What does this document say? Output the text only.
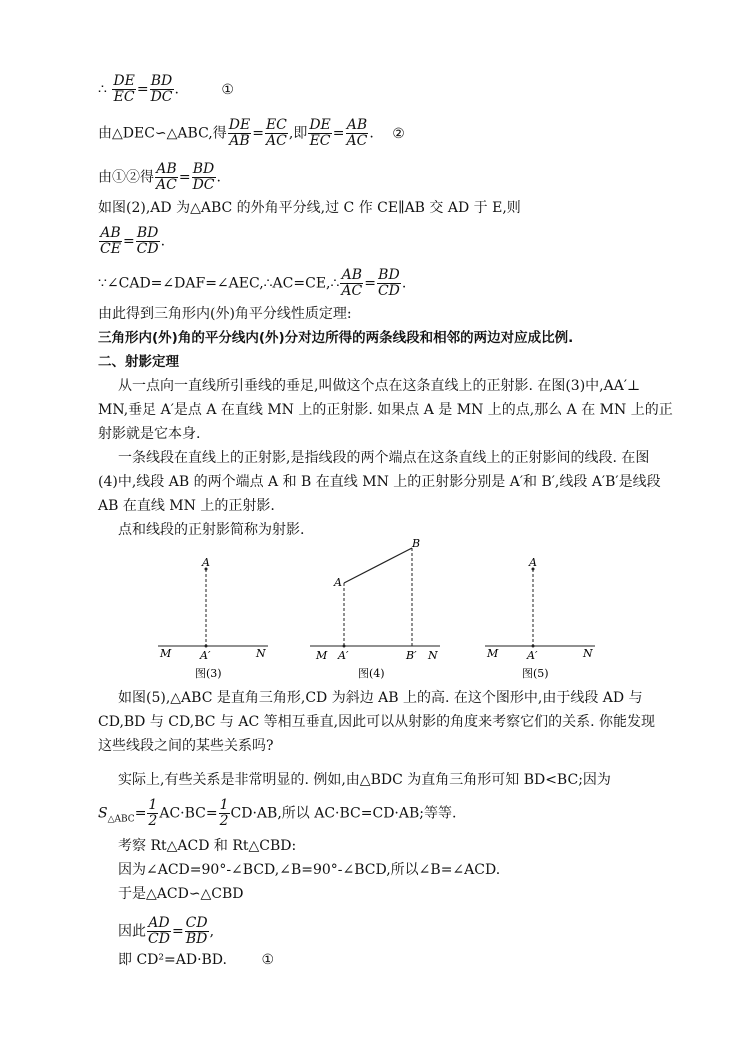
∴ $\frac{DE}{EC} = \frac{BD}{DC}$ .	①
由△DEC∽△ABC,得 $\frac{DE}{AB} = \frac{EC}{AC}$ ,即 $\frac{DE}{EC} = \frac{AB}{AC}$ . ②
由①②得 $\frac{AB}{AC} = \frac{BD}{DC}$ .
如图(2),AD 为△ABC 的外角平分线,过 C 作 CE∥AB 交 AD 于 E,则
$\frac{AB}{CE} = \frac{BD}{CD}$ .
∵∠CAD=∠DAF=∠AEC,∴AC=CE,∴ $\frac{AB}{AC} = \frac{BD}{CD}$ .
由此得到三角形内(外)角平分线性质定理:
三角形内(外)角的平分线内(外)分对边所得的两条线段和相邻的两边对应成比例.
二、射影定理
从一点向一直线所引垂线的垂足,叫做这个点在这条直线上的正射影. 在图(3)中,AA′⊥
MN,垂足 A′是点 A 在直线 MN 上的正射影. 如果点 A 是 MN 上的点,那么 A 在 MN 上的正
射影就是它本身.
一条线段在直线上的正射影,是指线段的两个端点在这条直线上的正射影间的线段. 在图
(4)中,线段 AB 的两个端点 A 和 B 在直线 MN 上的正射影分别是 A′和 B′,线段 A′B′是线段
AB 在直线 MN 上的正射影.
点和线段的正射影简称为射影.
A
M	A′	N
图(3)
A
B
M A′	B′ N
图(4)
A
M	A′	N
图(5)
如图(5),△ABC 是直角三角形,CD 为斜边 AB 上的高. 在这个图形中,由于线段 AD 与
CD,BD 与 CD,BC 与 AC 等相互垂直,因此可以从射影的角度来考察它们的关系. 你能发现
这些线段之间的某些关系吗?
实际上,有些关系是非常明显的. 例如,由△BDC 为直角三角形可知 BD<BC;因为
$S_{\triangle ABC}= \frac{1}{2} AC\cdot BC= \frac{1}{2} CD\cdot AB$,所以 AC·BC=CD·AB;等等.
考察 Rt△ACD 和 Rt△CBD:
因为∠ACD=90°-∠BCD,∠B=90°-∠BCD,所以∠B=∠ACD.
于是△ACD∽△CBD
因此 $\frac{AD}{CD} = \frac{CD}{BD}$ ,
即 CD²=AD·BD. ①
